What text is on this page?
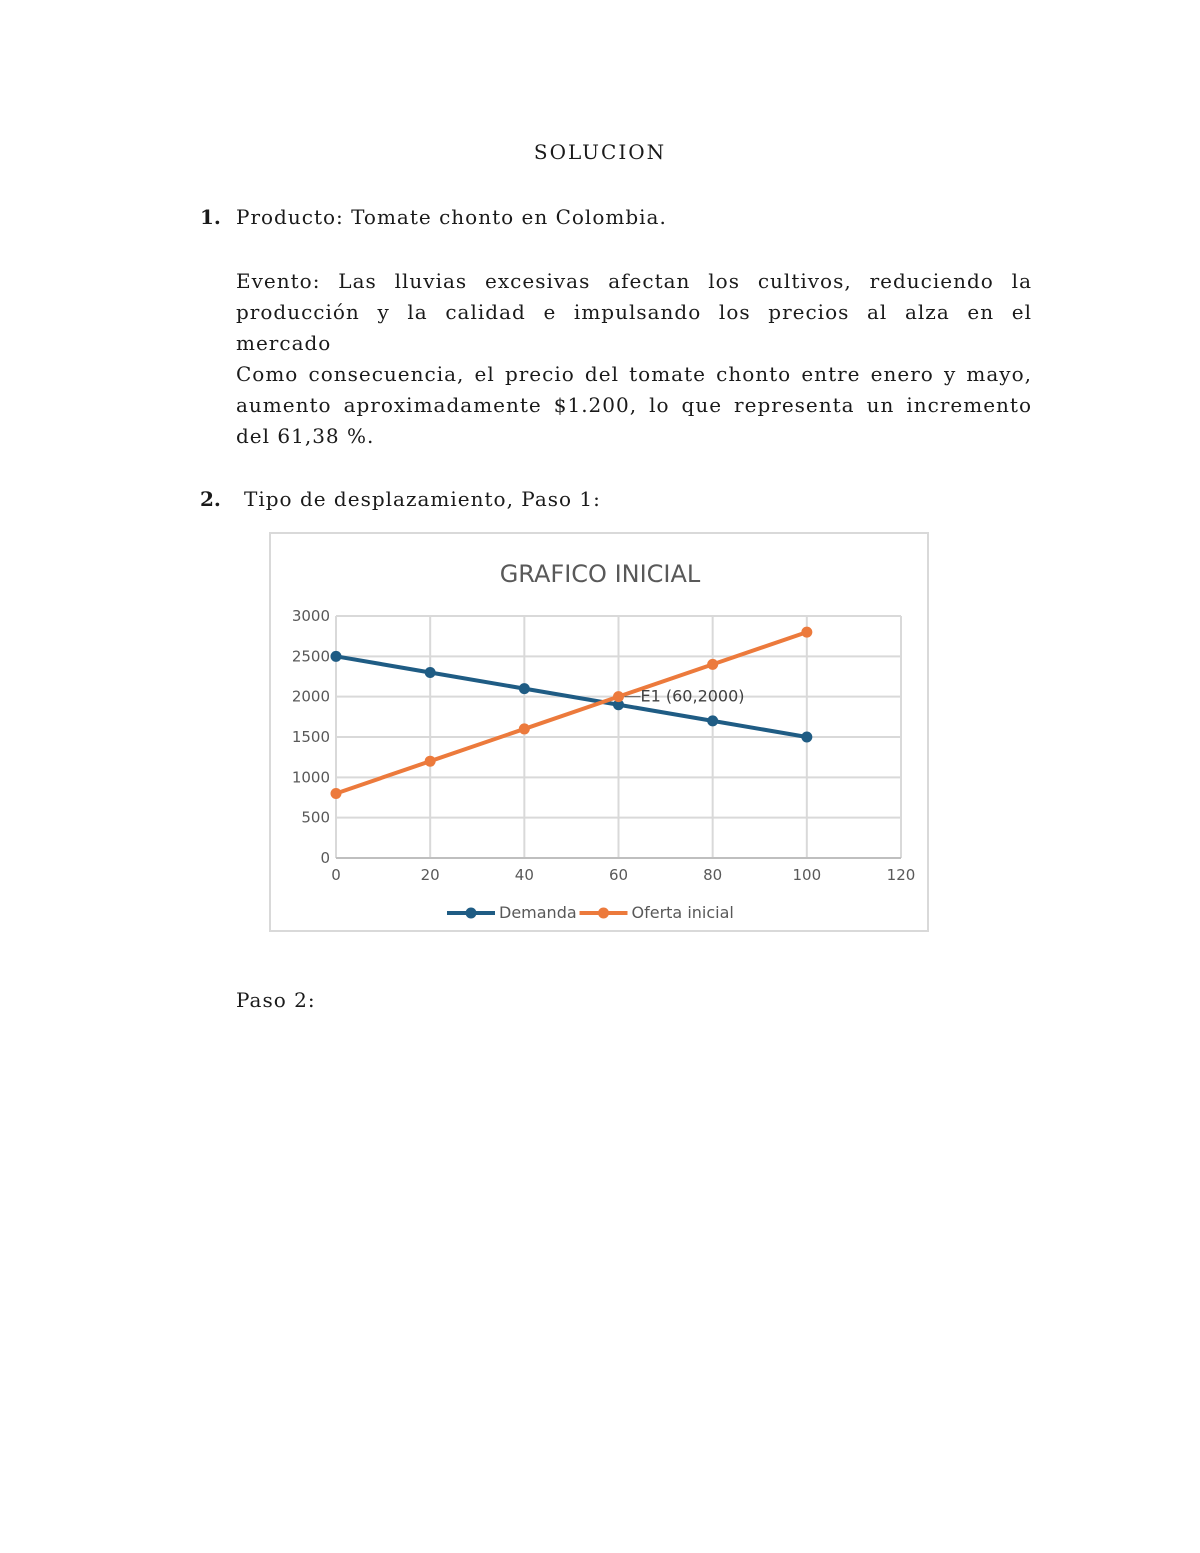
SOLUCION
1. Producto: Tomate chonto en Colombia.
Evento: Las lluvias excesivas afectan los cultivos, reduciendo la
producción y la calidad e impulsando los precios al alza en el
mercado
Como consecuencia, el precio del tomate chonto entre enero y mayo,
aumento aproximadamente $1.200, lo que representa un incremento
del 61,38 %.
2. Tipo de desplazamiento, Paso 1:
GRAFICO INICIAL
0
500
1000
1500
2000
2500
3000
0	20	40	60	80	100	120
E1 (60,2000)
Demanda	Oferta inicial
Paso 2:
